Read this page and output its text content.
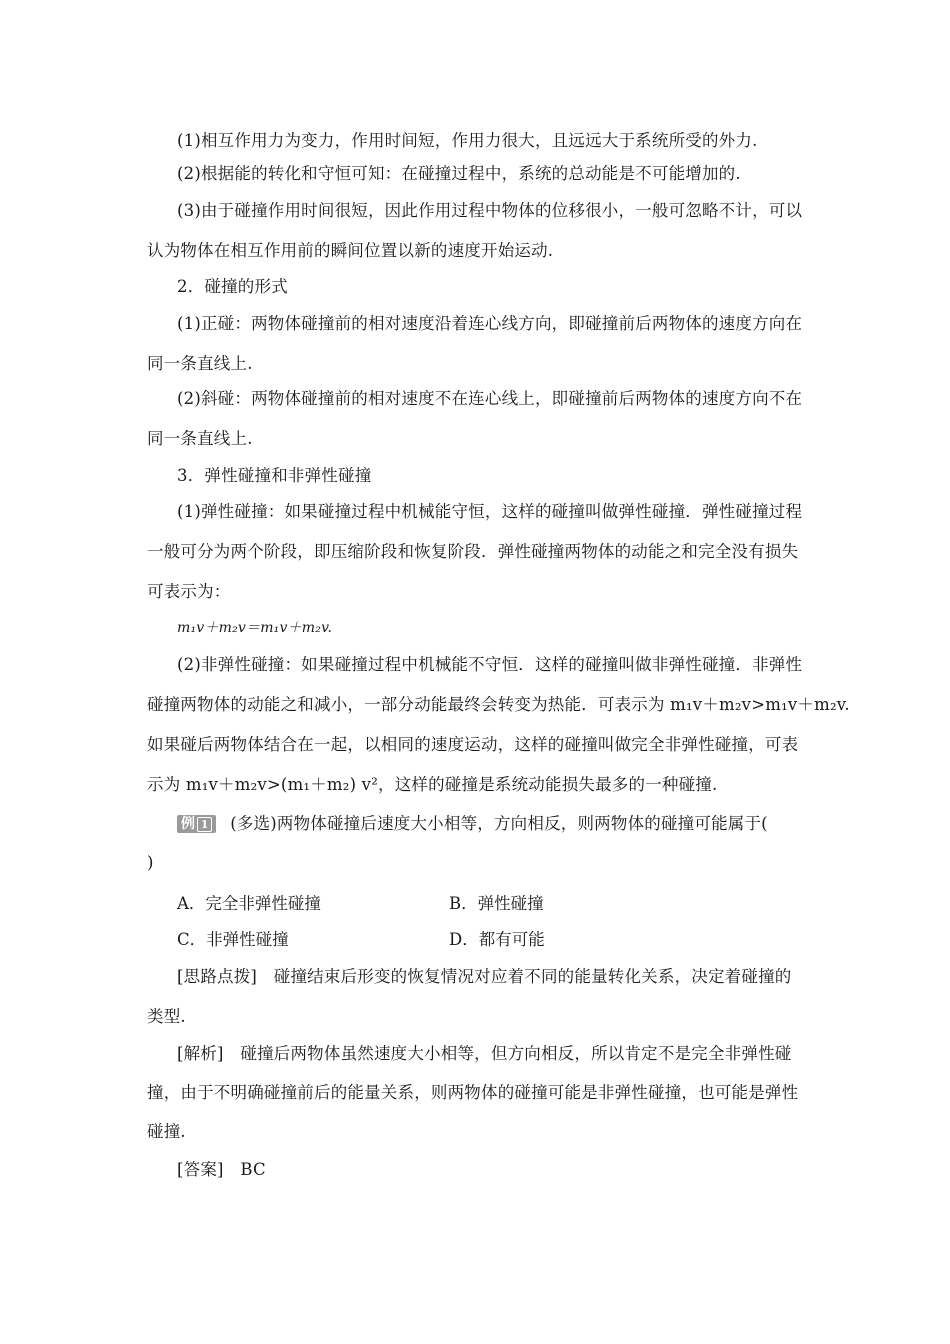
(1)相互作用力为变力，作用时间短，作用力很大，且远远大于系统所受的外力.
(2)根据能的转化和守恒可知：在碰撞过程中，系统的总动能是不可能增加的.
(3)由于碰撞作用时间很短，因此作用过程中物体的位移很小，一般可忽略不计，可以
认为物体在相互作用前的瞬间位置以新的速度开始运动.
2．碰撞的形式
(1)正碰：两物体碰撞前的相对速度沿着连心线方向，即碰撞前后两物体的速度方向在
同一条直线上.
(2)斜碰：两物体碰撞前的相对速度不在连心线上，即碰撞前后两物体的速度方向不在
同一条直线上.
3．弹性碰撞和非弹性碰撞
(1)弹性碰撞：如果碰撞过程中机械能守恒，这样的碰撞叫做弹性碰撞．弹性碰撞过程
一般可分为两个阶段，即压缩阶段和恢复阶段．弹性碰撞两物体的动能之和完全没有损失
可表示为：
m₁v＋m₂v＝m₁v＋m₂v.
(2)非弹性碰撞：如果碰撞过程中机械能不守恒．这样的碰撞叫做非弹性碰撞．非弹性
碰撞两物体的动能之和减小，一部分动能最终会转变为热能．可表示为 m₁v＋m₂v>m₁v＋m₂v.
如果碰后两物体结合在一起，以相同的速度运动，这样的碰撞叫做完全非弹性碰撞，可表
示为 m₁v＋m₂v>(m₁＋m₂) v²，这样的碰撞是系统动能损失最多的一种碰撞.
例 1 (多选)两物体碰撞后速度大小相等，方向相反，则两物体的碰撞可能属于(
)
A．完全非弹性碰撞	B．弹性碰撞
C．非弹性碰撞	D．都有可能
[思路点拨]　碰撞结束后形变的恢复情况对应着不同的能量转化关系，决定着碰撞的
类型.
[解析]　碰撞后两物体虽然速度大小相等，但方向相反，所以肯定不是完全非弹性碰
撞，由于不明确碰撞前后的能量关系，则两物体的碰撞可能是非弹性碰撞，也可能是弹性
碰撞.
[答案]　BC
